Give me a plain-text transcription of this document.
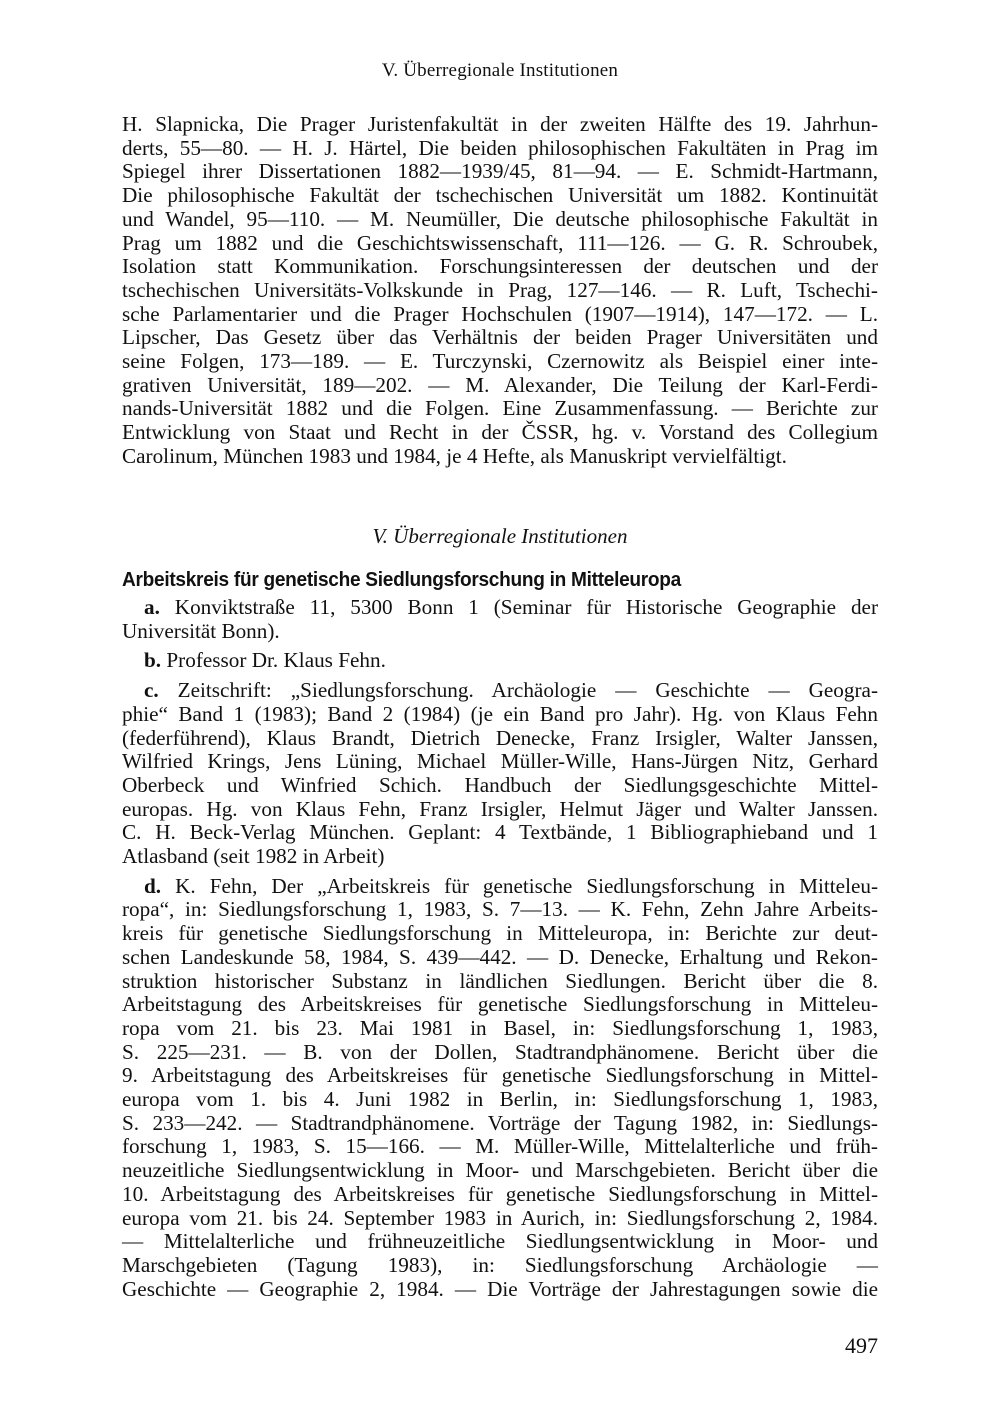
V. Überregionale Institutionen

H. Slapnicka, Die Prager Juristenfakultät in der zweiten Hälfte des 19. Jahrhun-
derts, 55—80. — H. J. Härtel, Die beiden philosophischen Fakultäten in Prag im
Spiegel ihrer Dissertationen 1882—1939/45, 81—94. — E. Schmidt-Hartmann,
Die philosophische Fakultät der tschechischen Universität um 1882. Kontinuität
und Wandel, 95—110. — M. Neumüller, Die deutsche philosophische Fakultät in
Prag um 1882 und die Geschichtswissenschaft, 111—126. — G. R. Schroubek,
Isolation statt Kommunikation. Forschungsinteressen der deutschen und der
tschechischen Universitäts-Volkskunde in Prag, 127—146. — R. Luft, Tschechi-
sche Parlamentarier und die Prager Hochschulen (1907—1914), 147—172. — L.
Lipscher, Das Gesetz über das Verhältnis der beiden Prager Universitäten und
seine Folgen, 173—189. — E. Turczynski, Czernowitz als Beispiel einer inte-
grativen Universität, 189—202. — M. Alexander, Die Teilung der Karl-Ferdi-
nands-Universität 1882 und die Folgen. Eine Zusammenfassung. — Berichte zur
Entwicklung von Staat und Recht in der ČSSR, hg. v. Vorstand des Collegium
Carolinum, München 1983 und 1984, je 4 Hefte, als Manuskript vervielfältigt.

V. Überregionale Institutionen
Arbeitskreis für genetische Siedlungsforschung in Mitteleuropa

a. Konviktstraße 11, 5300 Bonn 1 (Seminar für Historische Geographie der
Universität Bonn).

b. Professor Dr. Klaus Fehn.

c. Zeitschrift: „Siedlungsforschung. Archäologie — Geschichte — Geogra-
phie“ Band 1 (1983); Band 2 (1984) (je ein Band pro Jahr). Hg. von Klaus Fehn
(federführend), Klaus Brandt, Dietrich Denecke, Franz Irsigler, Walter Janssen,
Wilfried Krings, Jens Lüning, Michael Müller-Wille, Hans-Jürgen Nitz, Gerhard
Oberbeck und Winfried Schich. Handbuch der Siedlungsgeschichte Mittel-
europas. Hg. von Klaus Fehn, Franz Irsigler, Helmut Jäger und Walter Janssen.
C. H. Beck-Verlag München. Geplant: 4 Textbände, 1 Bibliographieband und 1
Atlasband (seit 1982 in Arbeit)

d. K. Fehn, Der „Arbeitskreis für genetische Siedlungsforschung in Mitteleu-
ropa“, in: Siedlungsforschung 1, 1983, S. 7—13. — K. Fehn, Zehn Jahre Arbeits-
kreis für genetische Siedlungsforschung in Mitteleuropa, in: Berichte zur deut-
schen Landeskunde 58, 1984, S. 439—442. — D. Denecke, Erhaltung und Rekon-
struktion historischer Substanz in ländlichen Siedlungen. Bericht über die 8.
Arbeitstagung des Arbeitskreises für genetische Siedlungsforschung in Mitteleu-
ropa vom 21. bis 23. Mai 1981 in Basel, in: Siedlungsforschung 1, 1983,
S. 225—231. — B. von der Dollen, Stadtrandphänomene. Bericht über die
9. Arbeitstagung des Arbeitskreises für genetische Siedlungsforschung in Mittel-
europa vom 1. bis 4. Juni 1982 in Berlin, in: Siedlungsforschung 1, 1983,
S. 233—242. — Stadtrandphänomene. Vorträge der Tagung 1982, in: Siedlungs-
forschung 1, 1983, S. 15—166. — M. Müller-Wille, Mittelalterliche und früh-
neuzeitliche Siedlungsentwicklung in Moor- und Marschgebieten. Bericht über die
10. Arbeitstagung des Arbeitskreises für genetische Siedlungsforschung in Mittel-
europa vom 21. bis 24. September 1983 in Aurich, in: Siedlungsforschung 2, 1984.
— Mittelalterliche und frühneuzeitliche Siedlungsentwicklung in Moor- und
Marschgebieten (Tagung 1983), in: Siedlungsforschung Archäologie —
Geschichte — Geographie 2, 1984. — Die Vorträge der Jahrestagungen sowie die

497
